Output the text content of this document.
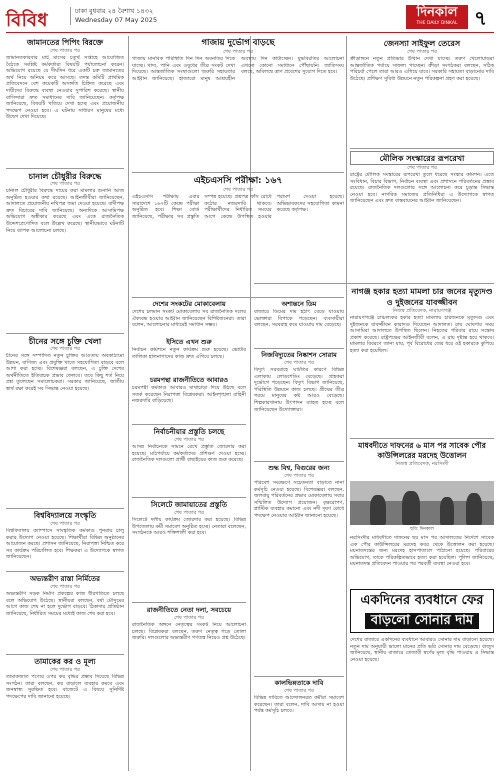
বিবিধ	ঢাকা বুধবার ২৪ বৈশাখ ১৪৩২
Wednesday 07 May 2025	দিনকাল
THE DAILY DINKAL ৭
জামানতের পিপিং বিরক্তে
শেষ পাতার পর
জামানতকারবার মার্চ মাসের চতুর্থ সপ্তাহে আয়োজিত বৈঠকে সংশ্লিষ্ট কর্মকর্তারা বিষয়টি পর্যালোচনা করেন। অভিযোগ রয়েছে যে দীর্ঘদিন ধরে একটি চক্র জামানতের অর্থ নিয়ে অনিয়ম করে আসছে। তদন্ত কমিটি প্রাথমিক প্রতিবেদনে বেশ কয়েকটি অসঙ্গতি চিহ্নিত করেছে এবং দায়ীদের বিরুদ্ধে ব্যবস্থা নেওয়ার সুপারিশ করেছে। স্থানীয় বাসিন্দারা দ্রুত সমাধানের দাবি জানিয়েছেন। কর্তৃপক্ষ জানিয়েছে, বিষয়টি খতিয়ে দেখা হচ্ছে এবং প্রয়োজনীয় পদক্ষেপ নেওয়া হবে। এ ঘটনায় সাধারণ মানুষের মধ্যে উদ্বেগ দেখা দিয়েছে।
চানাল চৌধুরীর বিরুদ্ধে
শেষ পাতার পর
চানাল চৌধুরীর বিরুদ্ধে দায়ের করা মামলার শুনানি আজ অনুষ্ঠিত হওয়ার কথা রয়েছে। আইনজীবীরা জানিয়েছেন, আদালতে প্রয়োজনীয় নথিপত্র জমা দেওয়া হয়েছে। বাদীপক্ষ দ্রুত বিচারের দাবি জানিয়েছে। অন্যদিকে আসামিপক্ষ অভিযোগ অস্বীকার করেছে এবং একে রাজনৈতিক উদ্দেশ্যপ্রণোদিত বলে উল্লেখ করেছে। স্থানীয়ভাবে ঘটনাটি নিয়ে ব্যাপক আলোচনা চলছে।
চীনের সঙ্গে চুক্তি খেলা
শেষ পাতার পর
চীনের সঙ্গে সম্পাদিত নতুন চুক্তির আওতায় অবকাঠামো উন্নয়ন, বাণিজ্য এবং প্রযুক্তি খাতে সহযোগিতা বাড়বে বলে আশা করা হচ্ছে। বিশেষজ্ঞরা বলছেন, এ চুক্তি দেশের অর্থনীতিতে ইতিবাচক প্রভাব ফেলবে। তবে কিছু শর্ত নিয়ে প্রশ্ন তুলেছেন সমালোচকরা। সরকার জানিয়েছে, জাতীয় স্বার্থ রক্ষা করেই সব সিদ্ধান্ত নেওয়া হয়েছে।
বিশ্ববিদ্যালয়ে সংস্কৃতি
শেষ পাতার পর
বিশ্ববিদ্যালয় ক্যাম্পাসে সাংস্কৃতিক কর্মকাণ্ড পুনরায় চালু করার উদ্যোগ নেওয়া হয়েছে। শিক্ষার্থীরা বিভিন্ন অনুষ্ঠানের আয়োজন করছে। প্রশাসন জানিয়েছে, নিরাপত্তা নিশ্চিত করে সব কার্যক্রম পরিচালিত হবে। শিক্ষকরা এ উদ্যোগকে স্বাগত জানিয়েছেন।
অভ্যন্তরীণ রাস্তা নির্মিতের
শেষ পাতার পর
অভ্যন্তরীণ সড়ক নির্মাণ প্রকল্পের কাজ ধীরগতিতে চলছে বলে অভিযোগ উঠেছে। স্থানীয়রা বলছেন, বর্ষা মৌসুমের আগে কাজ শেষ না হলে দুর্ভোগ বাড়বে। ঠিকাদার প্রতিষ্ঠান জানিয়েছে, নির্ধারিত সময়ের মধ্যেই কাজ শেষ করা হবে।
তামাকের কর ও মূল্য
শেষ পাতার পর
তামাকজাত পণ্যের ওপর কর বৃদ্ধির প্রস্তাব দিয়েছে বিভিন্ন সংগঠন। তারা বলছেন, কর বাড়ালে ব্যবহার কমবে এবং জনস্বাস্থ্য সুরক্ষিত হবে। বাজেটে এ বিষয়ে সুনির্দিষ্ট পদক্ষেপের দাবি জানানো হয়েছে।
গাজায় দুর্ভোগ বাড়ছে
শেষ পাতার পর
গাজায় মানবিক পরিস্থিতি দিন দিন অবনতির দিকে যাচ্ছে। খাদ্য, পানি এবং ওষুধের তীব্র সংকট দেখা দিয়েছে। আন্তর্জাতিক সংস্থাগুলো জরুরি সহায়তার আহ্বান জানিয়েছে। হাজারো মানুষ আশ্রয়হীন অবস্থায় দিন কাটাচ্ছেন। যুদ্ধবিরতির আলোচনা এখনো কোনো সমাধানে পৌঁছায়নি। জাতিসংঘ বলছে, অবিলম্বে ত্রাণ প্রবেশের সুযোগ দিতে হবে।
এইচএসসি পরীক্ষা: ১৬৭
শেষ পাতার পর
এইচএসসি পরীক্ষায় এবার সারাদেশে ১৬৭টি কেন্দ্রে পরীক্ষা অনুষ্ঠিত হবে। শিক্ষা বোর্ড জানিয়েছে, পরীক্ষার সব প্রস্তুতি সম্পন্ন হয়েছে। প্রশ্নপত্র ফাঁস রোধে কঠোর নজরদারি থাকবে। পরীক্ষার্থীদের নির্ধারিত সময়ের আগে কেন্দ্রে উপস্থিত হওয়ার পরামর্শ দেওয়া হয়েছে। অভিভাবকদের সহযোগিতা কামনা করেছে কর্তৃপক্ষ।
দেশের সংকটের মোকাবেলায়
দেশের চলমান সংকট মোকাবেলায় সব রাজনৈতিক দলের ঐক্যবদ্ধ হওয়ার আহ্বান জানিয়েছেন বিশিষ্টজনেরা। তারা বলেন, আলোচনার মাধ্যমেই সমাধান সম্ভব।
ইসিতে এখন শুরু
নির্বাচন কমিশনে নতুন কার্যক্রম শুরু হয়েছে। ভোটার তালিকা হালনাগাদের কাজ দ্রুত এগিয়ে চলছে।
চরমপন্থা রাজনীতিতে আবারও
চরমপন্থী কর্মকাণ্ড আবারও মাথাচাড়া দিয়ে উঠছে বলে সতর্ক করেছেন নিরাপত্তা বিশ্লেষকরা। আইনশৃঙ্খলা বাহিনী নজরদারি বাড়িয়েছে।
নির্বাচনীয়ার প্রস্তুতি চলছে
শেষ পাতার পর
আসন্ন নির্বাচনকে সামনে রেখে প্রস্তুতি জোরদার করা হয়েছে। মাঠপর্যায়ে কর্মকর্তাদের প্রশিক্ষণ দেওয়া হচ্ছে। রাজনৈতিক দলগুলো প্রার্থী বাছাইয়ের কাজ শুরু করেছে।
সিলেটে জামায়াতের প্রস্তুতি
শেষ পাতার পর
সিলেটে দলীয় কার্যক্রম জোরদার করা হয়েছে। বিভিন্ন উপজেলায় কর্মী সমাবেশ অনুষ্ঠিত হচ্ছে। নেতারা বলেছেন, সংগঠনকে আরও শক্তিশালী করা হবে।
রাজনীতিতে নেতা দলা, সবচেয়ে
শেষ পাতার পর
রাজনৈতিক অঙ্গনে নেতৃত্বের সংকট নিয়ে আলোচনা চলছে। বিশ্লেষকরা বলছেন, তরুণ নেতৃত্ব গড়ে তোলা জরুরি। দলগুলোর অভ্যন্তরীণ গণতন্ত্র নিয়েও প্রশ্ন উঠেছে।
অশান্তনে ডিম
বাজারে ডিমের দাম হঠাৎ বেড়ে যাওয়ায় ভোক্তারা বিপাকে পড়েছেন। ব্যবসায়ীরা বলছেন, সরবরাহ কমে যাওয়ায় দাম বেড়েছে।
নিজবিদ্যুতের নিষ্কাশন সোরাম
শেষ পাতার পর
বিদ্যুৎ সরবরাহে ঘাটতির কারণে বিভিন্ন এলাকায় লোডশেডিং বেড়েছে। গ্রাহকরা দুর্ভোগে পড়েছেন। বিদ্যুৎ বিভাগ জানিয়েছে, পরিস্থিতি উন্নয়নে কাজ চলছে। গ্রীষ্মের তীব্র গরমে মানুষের কষ্ট আরও বেড়েছে। শিল্পকারখানায় উৎপাদন ব্যাহত হচ্ছে বলে জানিয়েছেন উদ্যোক্তারা।
শুদ্ধ বিশ্ব, বিগুরের জন্য
শেষ পাতার পর
পরিবেশ সংরক্ষণে সচেতনতা বাড়াতে নানা কর্মসূচি নেওয়া হয়েছে। বিশেষজ্ঞরা বলছেন, জলবায়ু পরিবর্তনের প্রভাব মোকাবেলায় সবার সম্মিলিত উদ্যোগ প্রয়োজন। বৃক্ষরোপণ, প্লাস্টিক ব্যবহার কমানো এবং নদী দূষণ রোধে পদক্ষেপ নেওয়ার আহ্বান জানানো হয়েছে।
কালভিন্নতাকে দাবি
শেষ পাতার পর
বিভিন্ন দাবিতে আন্দোলনরত কর্মীরা সমাবেশ করেছেন। তারা বলেন, দাবি আদায় না হওয়া পর্যন্ত কর্মসূচি চলবে।
জেনস্যা সাইফুল তেরেস
শেষ পাতার পর
ক্রীড়াঙ্গনে নতুন প্রতিভার উত্থান দেখা যাচ্ছে। তরুণ খেলোয়াড়রা আন্তর্জাতিক পর্যায়ে সাফল্য পাচ্ছেন। ক্রীড়া সংগঠকরা বলছেন, সঠিক পরিচর্যা পেলে তারা আরও এগিয়ে যাবে। সরকারি সহায়তা বাড়ানোর দাবি উঠেছে। প্রশিক্ষণ সুবিধা উন্নয়নে নতুন পরিকল্পনা গ্রহণ করা হয়েছে।
মৌলিক সংস্কারের রূপরেখা
শেষ পাতার পর
রাষ্ট্রের মৌলিক সংস্কারের রূপরেখা তুলে ধরেছে সংস্কার কমিশন। এতে সংবিধান, বিচার বিভাগ, নির্বাচন ব্যবস্থা এবং প্রশাসনে পরিবর্তনের প্রস্তাব রয়েছে। রাজনৈতিক দলগুলোর সঙ্গে আলোচনা করে চূড়ান্ত সিদ্ধান্ত নেওয়া হবে। নাগরিক সমাজের প্রতিনিধিরা এ উদ্যোগকে স্বাগত জানিয়েছেন এবং দ্রুত বাস্তবায়নের আহ্বান জানিয়েছেন।
নাগঞ্জ হকার হত্যা মামলা চার জনের মৃত্যুদণ্ড ও দুইজনের যাবজ্জীবন
নিজস্ব প্রতিবেদক, নারায়ণগঞ্জ
নারায়ণগঞ্জে চাঞ্চল্যকর হকার হত্যা মামলায় চারজনকে মৃত্যুদণ্ড এবং দুইজনকে যাবজ্জীবন কারাদণ্ড দিয়েছেন আদালত। রায় ঘোষণার সময় আসামিরা আদালতে উপস্থিত ছিলেন। নিহতের পরিবার রায়ে সন্তোষ প্রকাশ করেছে। রাষ্ট্রপক্ষের আইনজীবী বলেন, এ রায় দৃষ্টান্ত হয়ে থাকবে। মামলার বিবরণে জানা যায়, পূর্ব বিরোধের জের ধরে ওই হকারকে কুপিয়ে হত্যা করা হয়েছিল।
মাধবদীতে দাফনের ৬ মাস পর সাবেক পৌর কাউন্সিলরের মরদেহ উত্তোলন
নিজস্ব প্রতিবেদক, নরসিংদী
ছবি: দিনকাল
নরসিংদীর মাধবদীতে দাফনের ছয় মাস পর আদালতের নির্দেশে সাবেক এক পৌর কাউন্সিলরের মরদেহ কবর থেকে উত্তোলন করা হয়েছে। ময়নাতদন্তের জন্য মরদেহ হাসপাতালে পাঠানো হয়েছে। পরিবারের অভিযোগ, তাকে পরিকল্পিতভাবে হত্যা করা হয়েছিল। পুলিশ জানিয়েছে, ময়নাতদন্ত প্রতিবেদন পাওয়ার পর পরবর্তী ব্যবস্থা নেওয়া হবে।
একদিনের ব্যবধানে ফের
বাড়লো সোনার দাম
দেশের বাজারে একদিনের ব্যবধানে আবারও সোনার দাম বাড়ানো হয়েছে। নতুন দাম অনুযায়ী ভালো মানের প্রতি ভরি সোনার দাম বেড়েছে। বাজুস জানিয়েছে, স্থানীয় বাজারে তেজাবী স্বর্ণের মূল্য বৃদ্ধি পাওয়ায় এ সিদ্ধান্ত নেওয়া হয়েছে।
